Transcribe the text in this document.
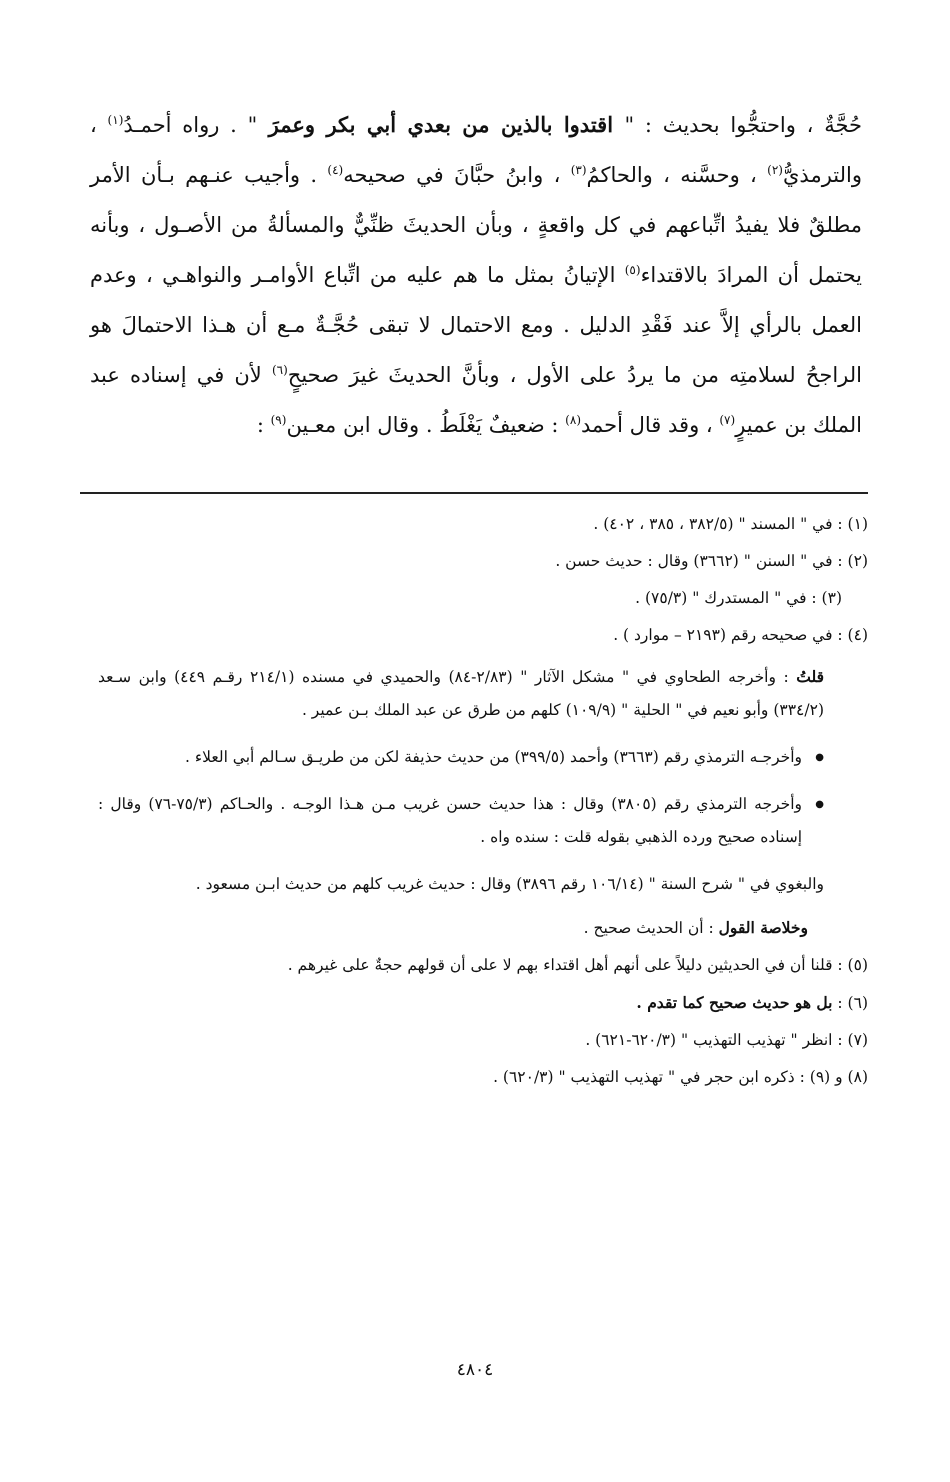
حُجَّةٌ ، واحتجُّوا بحديث : " اقتدوا بالذين من بعدي أبي بكر وعمرَ " . رواه أحمـدُ$^{(١)}$ ، والترمذيُّ$^{(٢)}$ ، وحسَّنه ، والحاكمُ$^{(٣)}$ ، وابنُ حبَّانَ في صحيحه$^{(٤)}$ . وأجيب عنـهم بـأن الأمر مطلقٌ فلا يفيدُ اتِّباعهم في كل واقعةٍ ، وبأن الحديثَ ظنِّيٌّ والمسألةُ من الأصـول ، وبأنه يحتمل أن المرادَ بالاقتداء$^{(٥)}$ الإتيانُ بمثل ما هم عليه من اتِّباع الأوامـر والنواهـي ، وعدم العمل بالرأي إلاَّ عند فَقْدِ الدليل . ومع الاحتمال لا تبقى حُجَّـةٌ مـع أن هـذا الاحتمالَ هو الراجحُ لسلامتِه من ما يردُ على الأول ، وبأنَّ الحديثَ غيرَ صحيحٍ$^{(٦)}$ لأن في إسناده عبد الملك بن عميرٍ$^{(٧)}$ ، وقد قال أحمد$^{(٨)}$ : ضعيفٌ يَغْلَطُ . وقال ابن معـين$^{(٩)}$ :

(١) : في " المسند " (٣٨٢/٥ ، ٣٨٥ ، ٤٠٢) .

(٢) : في " السنن " (٣٦٦٢) وقال : حديث حسن .

(٣) : في " المستدرك " (٧٥/٣) .

(٤) : في صحيحه رقم (٢١٩٣ – موارد ) .

قلتُ : وأخرجه الطحاوي في " مشكل الآثار " (٢/٨٣-٨٤) والحميدي في مسنده (٢١٤/١ رقـم ٤٤٩) وابن سـعد (٣٣٤/٢) وأبو نعيم في " الحلية " (١٠٩/٩) كلهم من طرق عن عبد الملك بـن عمير .

● وأخرجـه الترمذي رقم (٣٦٦٣) وأحمد (٣٩٩/٥) من حديث حذيفة لكن من طريـق سـالم أبي العلاء .

● وأخرجه الترمذي رقم (٣٨٠٥) وقال : هذا حديث حسن غريب مـن هـذا الوجـه . والحـاكم (٧٥/٣-٧٦) وقال : إسناده صحيح ورده الذهبي بقوله قلت : سنده واه .

والبغوي في " شرح السنة " (١٠٦/١٤ رقم ٣٨٩٦) وقال : حديث غريب كلهم من حديث ابـن مسعود .

وخلاصة القول : أن الحديث صحيح .

(٥) : قلنا أن في الحديثين دليلاً على أنهم أهل اقتداء بهم لا على أن قولهم حجةٌ على غيرهم .

(٦) : بل هو حديث صحيح كما تقدم .

(٧) : انظر " تهذيب التهذيب " (٦٢٠/٣-٦٢١) .

(٨) و (٩) : ذكره ابن حجر في " تهذيب التهذيب " (٦٢٠/٣) .

٤٨٠٤
